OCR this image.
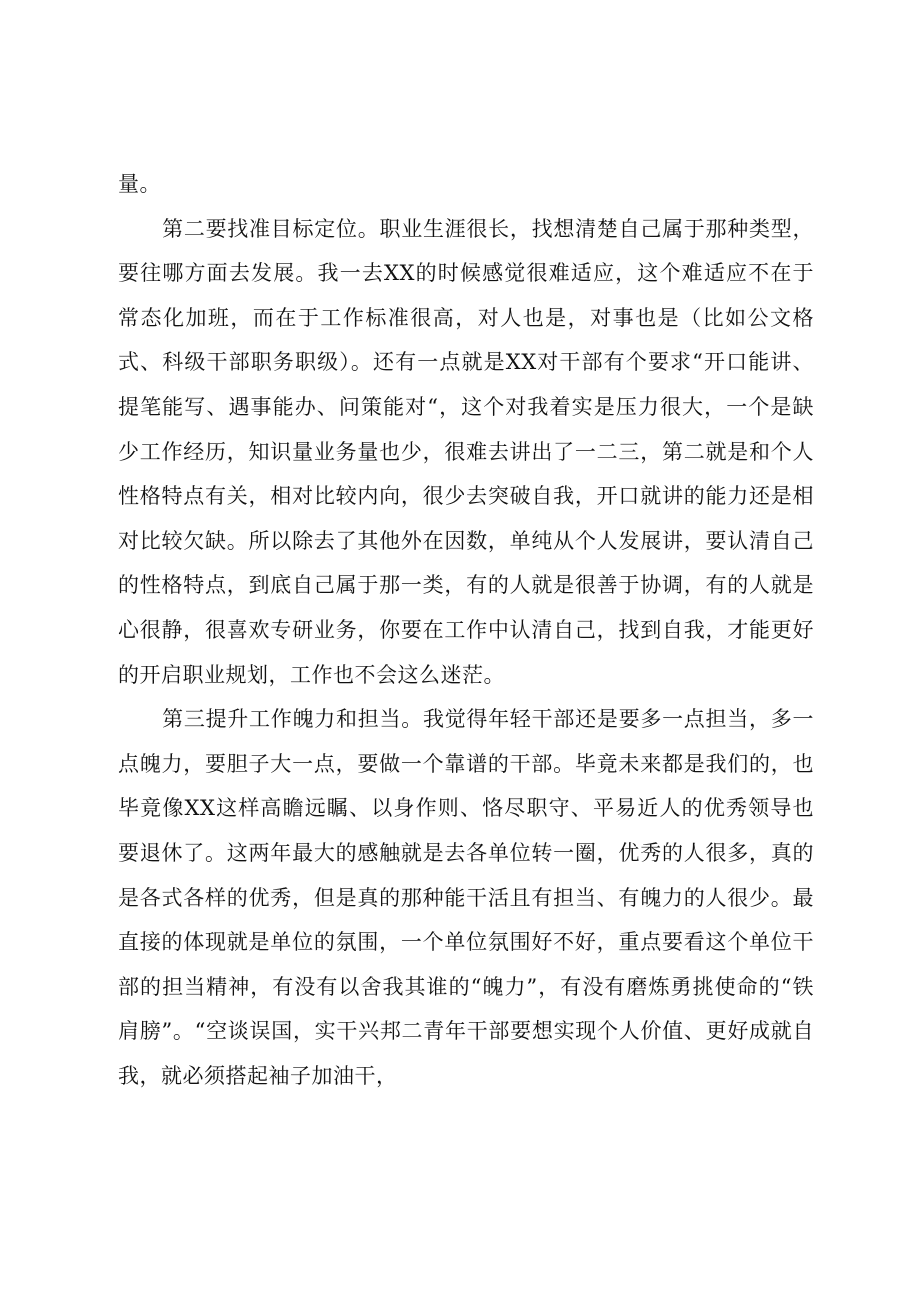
量。

第二要找准目标定位。职业生涯很长，找想清楚自己属于那种类型，要往哪方面去发展。我一去XX的时候感觉很难适应，这个难适应不在于常态化加班，而在于工作标准很高，对人也是，对事也是（比如公文格式、科级干部职务职级）。还有一点就是XX对干部有个要求“开口能讲、提笔能写、遇事能办、问策能对“，这个对我着实是压力很大，一个是缺少工作经历，知识量业务量也少，很难去讲出了一二三，第二就是和个人性格特点有关，相对比较内向，很少去突破自我，开口就讲的能力还是相对比较欠缺。所以除去了其他外在因数，单纯从个人发展讲，要认清自己的性格特点，到底自己属于那一类，有的人就是很善于协调，有的人就是心很静，很喜欢专研业务，你要在工作中认清自己，找到自我，才能更好的开启职业规划，工作也不会这么迷茫。

第三提升工作魄力和担当。我觉得年轻干部还是要多一点担当，多一点魄力，要胆子大一点，要做一个靠谱的干部。毕竟未来都是我们的，也毕竟像XX这样高瞻远瞩、以身作则、恪尽职守、平易近人的优秀领导也要退休了。这两年最大的感触就是去各单位转一圈，优秀的人很多，真的是各式各样的优秀，但是真的那种能干活且有担当、有魄力的人很少。最直接的体现就是单位的氛围，一个单位氛围好不好，重点要看这个单位干部的担当精神，有没有以舍我其谁的“魄力”，有没有磨炼勇挑使命的“铁肩膀”。“空谈误国，实干兴邦二青年干部要想实现个人价值、更好成就自我，就必须搭起袖子加油干，
